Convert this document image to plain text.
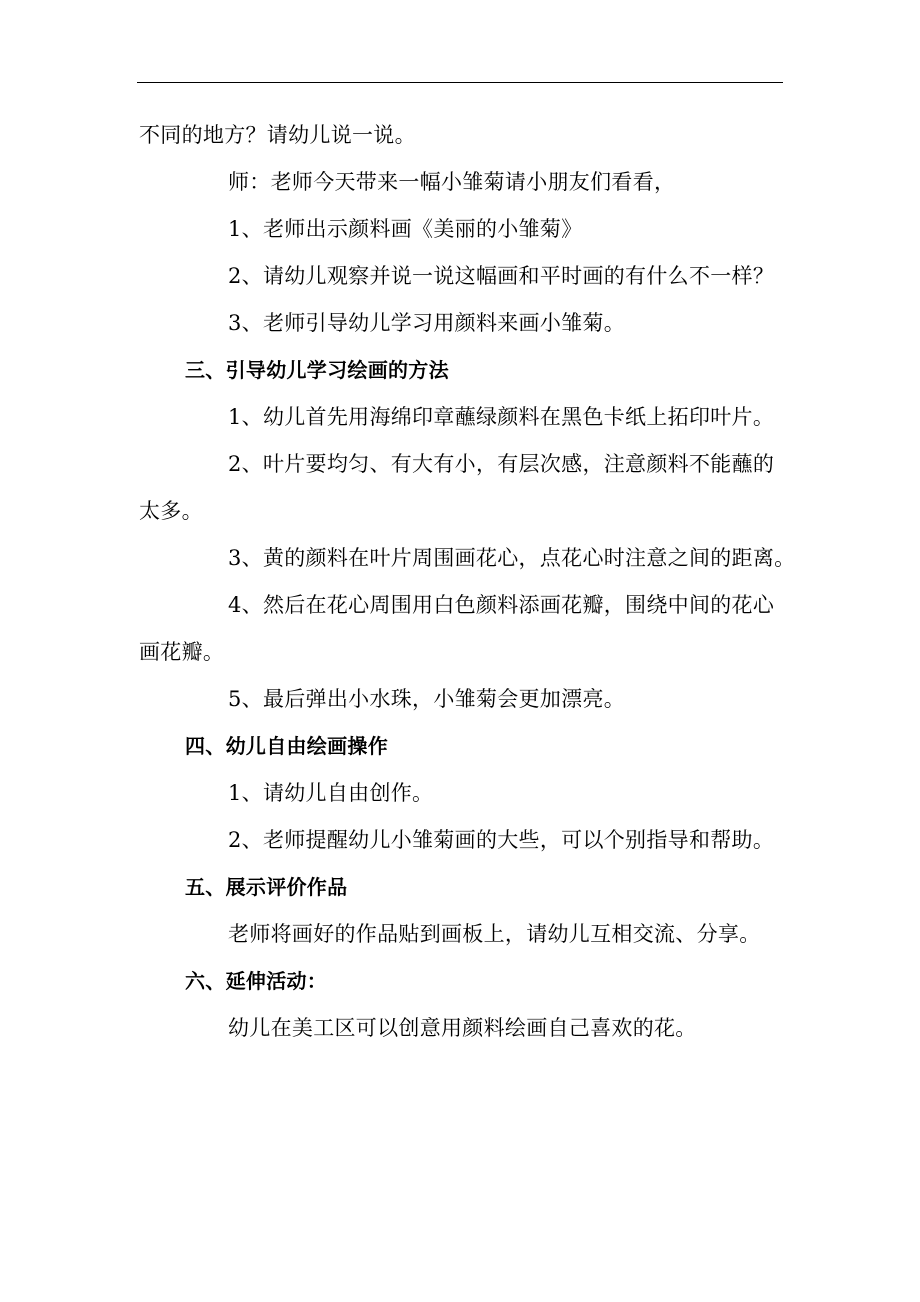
不同的地方？请幼儿说一说。
师：老师今天带来一幅小雏菊请小朋友们看看，
1、老师出示颜料画《美丽的小雏菊》
2、请幼儿观察并说一说这幅画和平时画的有什么不一样？
3、老师引导幼儿学习用颜料来画小雏菊。
三、引导幼儿学习绘画的方法
1、幼儿首先用海绵印章蘸绿颜料在黑色卡纸上拓印叶片。
2、叶片要均匀、有大有小，有层次感，注意颜料不能蘸的
太多。
3、黄的颜料在叶片周围画花心，点花心时注意之间的距离。
4、然后在花心周围用白色颜料添画花瓣，围绕中间的花心
画花瓣。
5、最后弹出小水珠，小雏菊会更加漂亮。
四、幼儿自由绘画操作
1、请幼儿自由创作。
2、老师提醒幼儿小雏菊画的大些，可以个别指导和帮助。
五、展示评价作品
老师将画好的作品贴到画板上，请幼儿互相交流、分享。
六、延伸活动：
幼儿在美工区可以创意用颜料绘画自己喜欢的花。
